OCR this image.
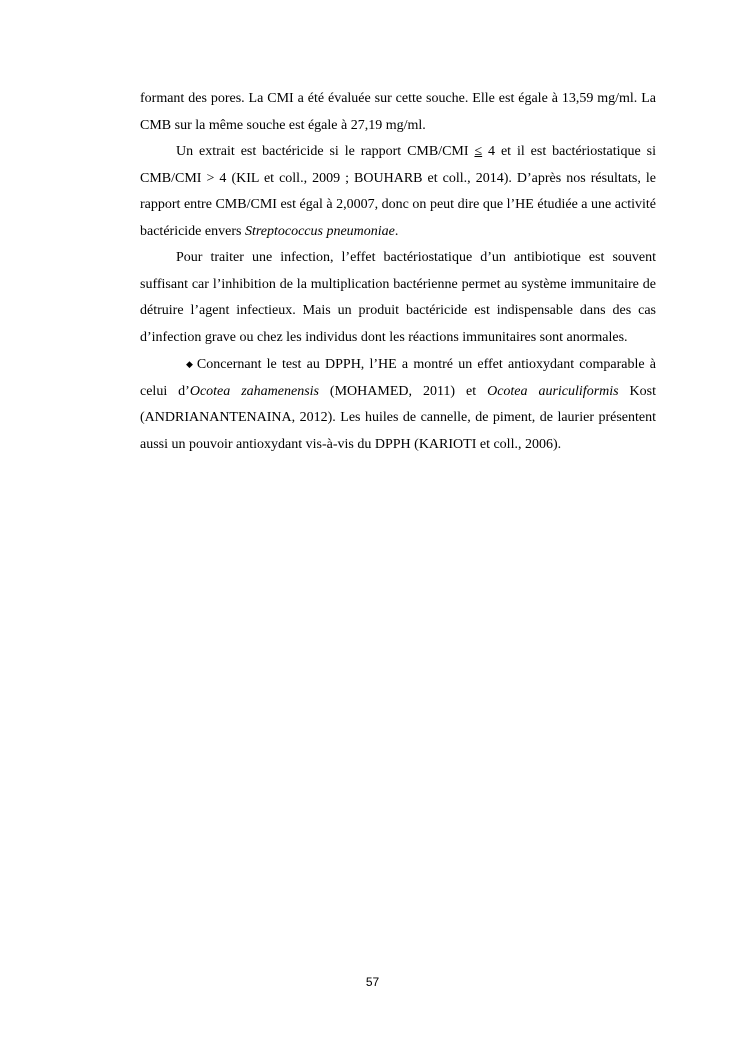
formant des pores. La CMI a été évaluée sur cette souche. Elle est égale à 13,59 mg/ml. La CMB sur la même souche est égale à 27,19 mg/ml.

Un extrait est bactéricide si le rapport CMB/CMI ≤ 4 et il est bactériostatique si CMB/CMI > 4 (KIL et coll., 2009 ; BOUHARB et coll., 2014). D’après nos résultats, le rapport entre CMB/CMI est égal à 2,0007, donc on peut dire que l’HE étudiée a une activité bactéricide envers Streptococcus pneumoniae.

Pour traiter une infection, l’effet bactériostatique d’un antibiotique est souvent suffisant car l’inhibition de la multiplication bactérienne permet au système immunitaire de détruire l’agent infectieux. Mais un produit bactéricide est indispensable dans des cas d’infection grave ou chez les individus dont les réactions immunitaires sont anormales.

◆ Concernant le test au DPPH, l’HE a montré un effet antioxydant comparable à celui d’Ocotea zahamenensis (MOHAMED, 2011) et Ocotea auriculiformis Kost (ANDRIANANTENAINA, 2012). Les huiles de cannelle, de piment, de laurier présentent aussi un pouvoir antioxydant vis-à-vis du DPPH (KARIOTI et coll., 2006).

57
